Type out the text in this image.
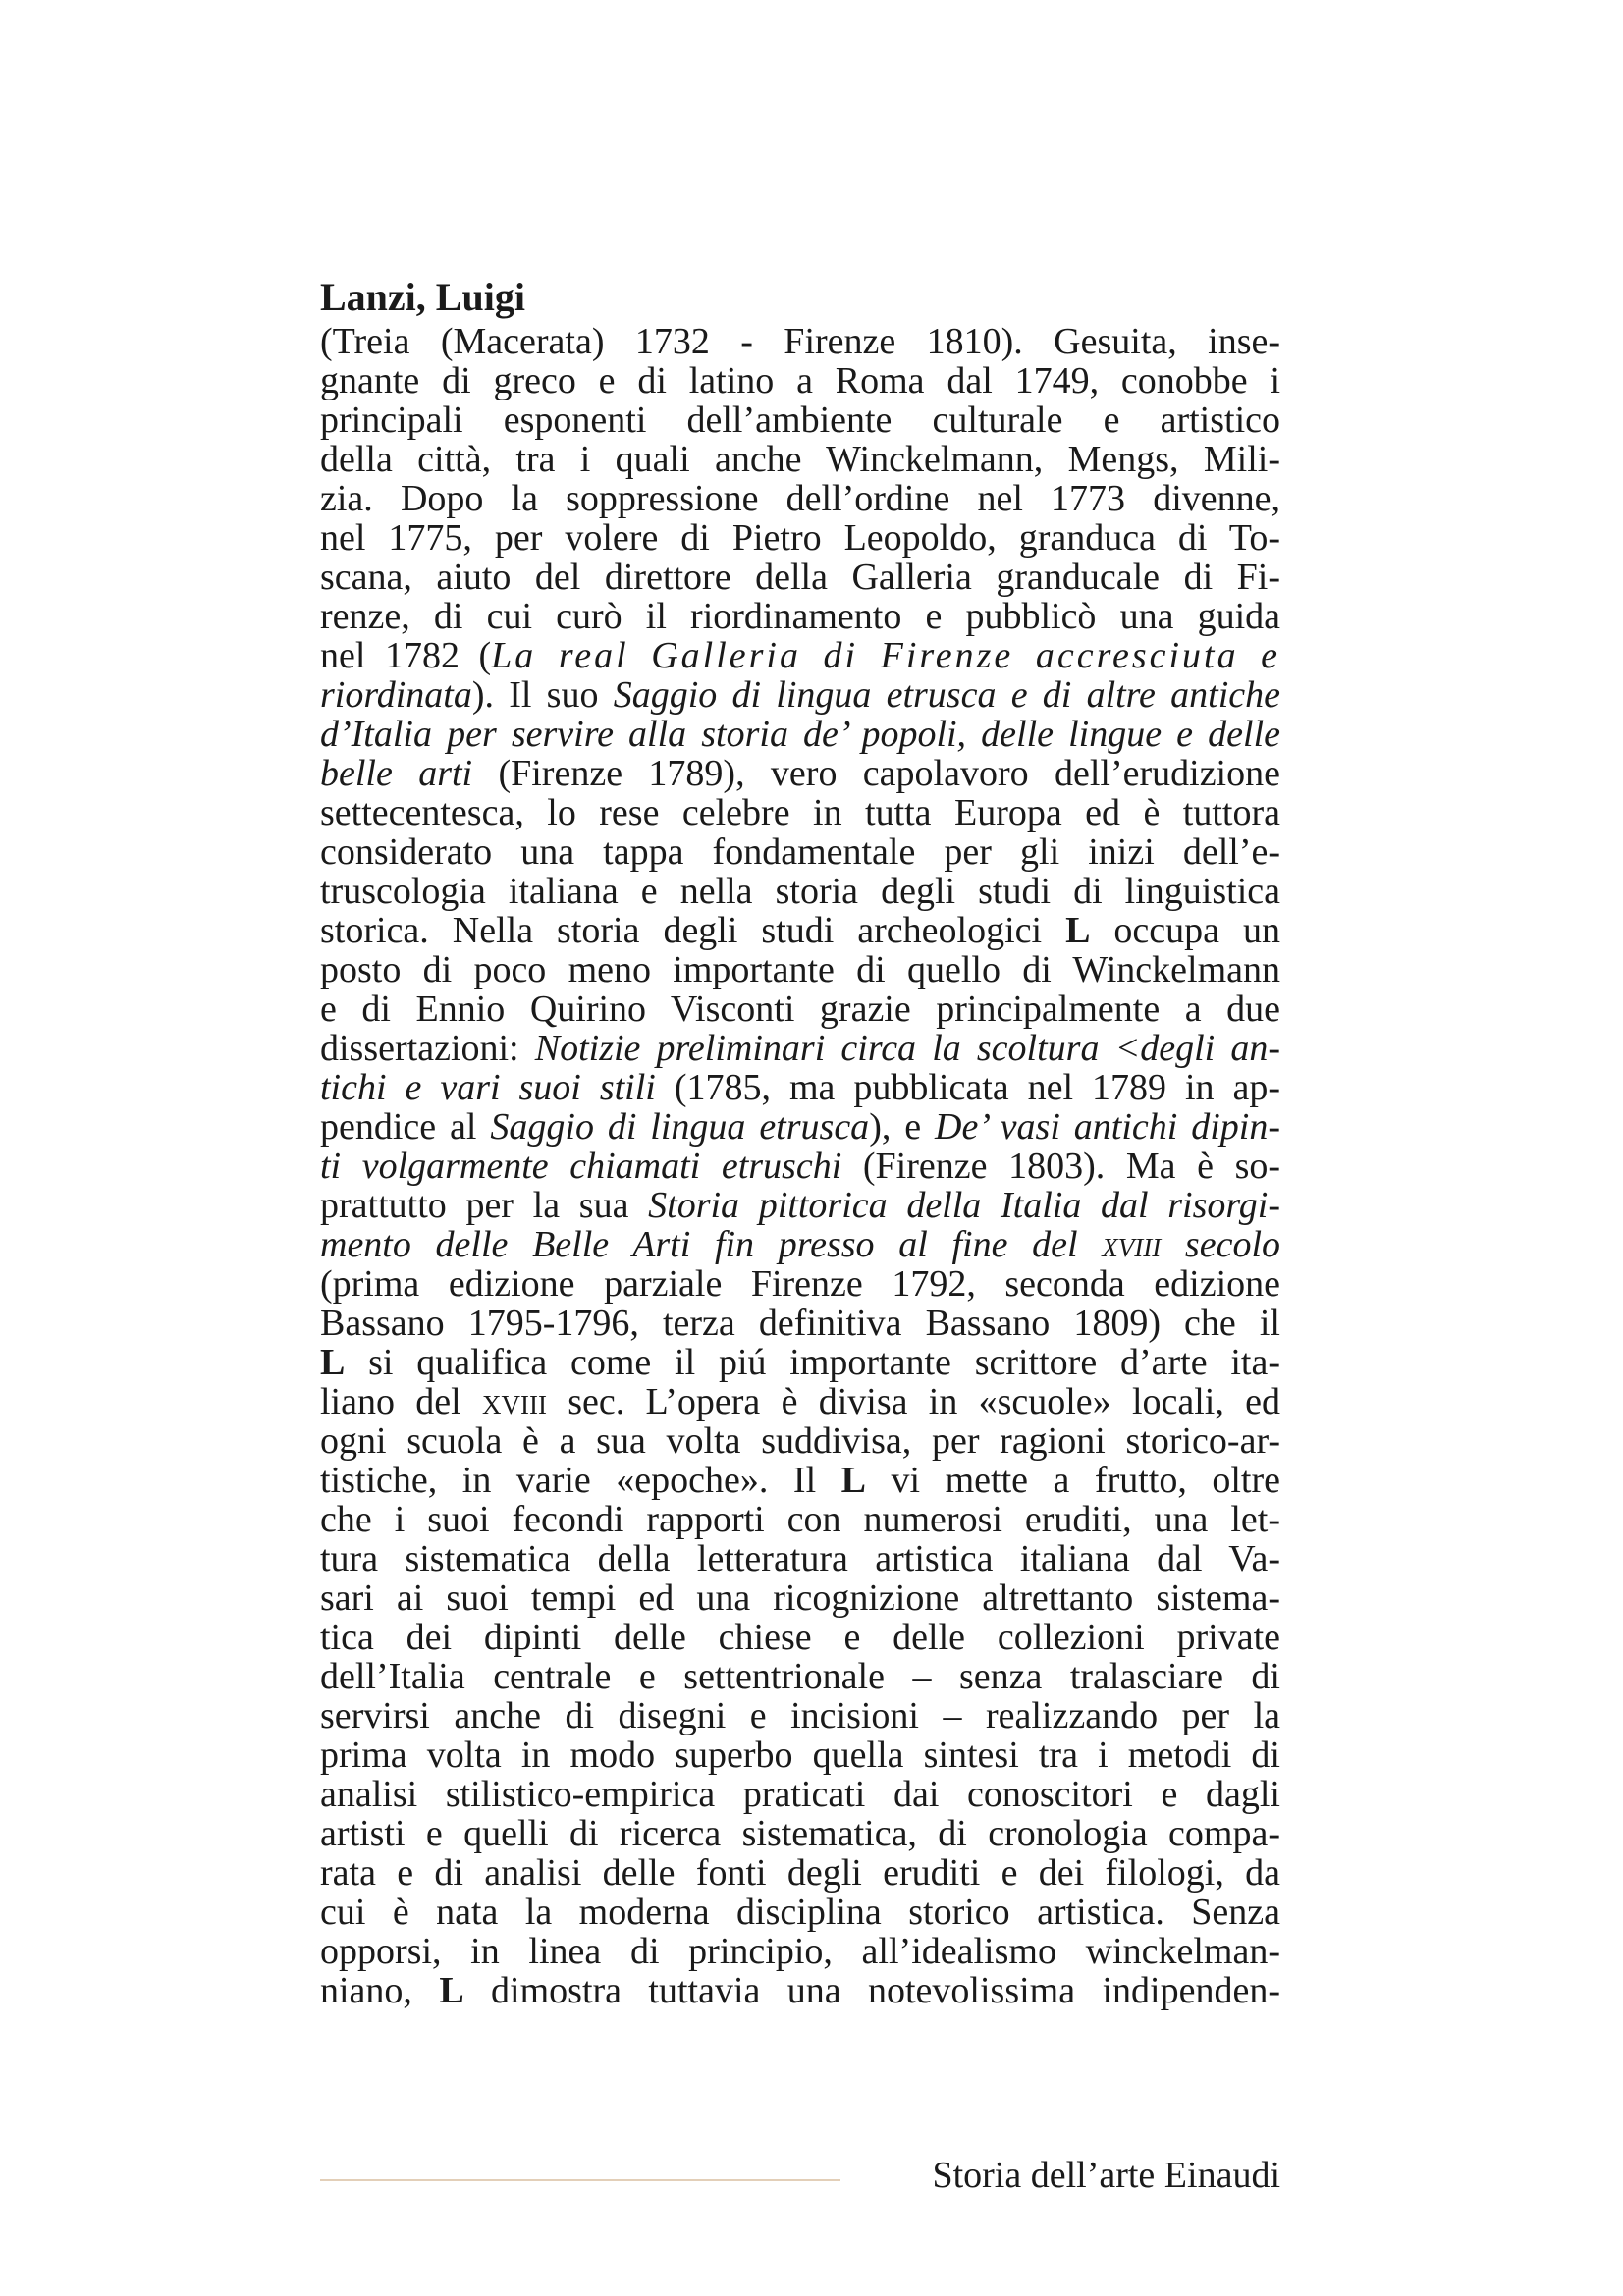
Lanzi, Luigi

(Treia (Macerata) 1732 - Firenze 1810). Gesuita, inse-

gnante di greco e di latino a Roma dal 1749, conobbe i

principali esponenti dell’ambiente culturale e artistico

della città, tra i quali anche Winckelmann, Mengs, Mili-

zia. Dopo la soppressione dell’ordine nel 1773 divenne,

nel 1775, per volere di Pietro Leopoldo, granduca di To-

scana, aiuto del direttore della Galleria granducale di Fi-

renze, di cui curò il riordinamento e pubblicò una guida

nel 1782 (La real Galleria di Firenze accresciuta e

riordinata). Il suo Saggio di lingua etrusca e di altre antiche

d’Italia per servire alla storia de’ popoli, delle lingue e delle

belle arti (Firenze 1789), vero capolavoro dell’erudizione

settecentesca, lo rese celebre in tutta Europa ed è tuttora

considerato una tappa fondamentale per gli inizi dell’e-

truscologia italiana e nella storia degli studi di linguistica

storica. Nella storia degli studi archeologici L occupa un

posto di poco meno importante di quello di Winckelmann

e di Ennio Quirino Visconti grazie principalmente a due

dissertazioni: Notizie preliminari circa la scoltura <degli an-

tichi e vari suoi stili (1785, ma pubblicata nel 1789 in ap-

pendice al Saggio di lingua etrusca), e De’ vasi antichi dipin-

ti volgarmente chiamati etruschi (Firenze 1803). Ma è so-

prattutto per la sua Storia pittorica della Italia dal risorgi-

mento delle Belle Arti fin presso al fine del xviii secolo

(prima edizione parziale Firenze 1792, seconda edizione

Bassano 1795-1796, terza definitiva Bassano 1809) che il

L si qualifica come il piú importante scrittore d’arte ita-

liano del xviii sec. L’opera è divisa in «scuole» locali, ed

ogni scuola è a sua volta suddivisa, per ragioni storico-ar-

tistiche, in varie «epoche». Il L vi mette a frutto, oltre

che i suoi fecondi rapporti con numerosi eruditi, una let-

tura sistematica della letteratura artistica italiana dal Va-

sari ai suoi tempi ed una ricognizione altrettanto sistema-

tica dei dipinti delle chiese e delle collezioni private

dell’Italia centrale e settentrionale – senza tralasciare di

servirsi anche di disegni e incisioni – realizzando per la

prima volta in modo superbo quella sintesi tra i metodi di

analisi stilistico-empirica praticati dai conoscitori e dagli

artisti e quelli di ricerca sistematica, di cronologia compa-

rata e di analisi delle fonti degli eruditi e dei filologi, da

cui è nata la moderna disciplina storico artistica. Senza

opporsi, in linea di principio, all’idealismo winckelman-

niano, L dimostra tuttavia una notevolissima indipenden-

Storia dell’arte Einaudi
